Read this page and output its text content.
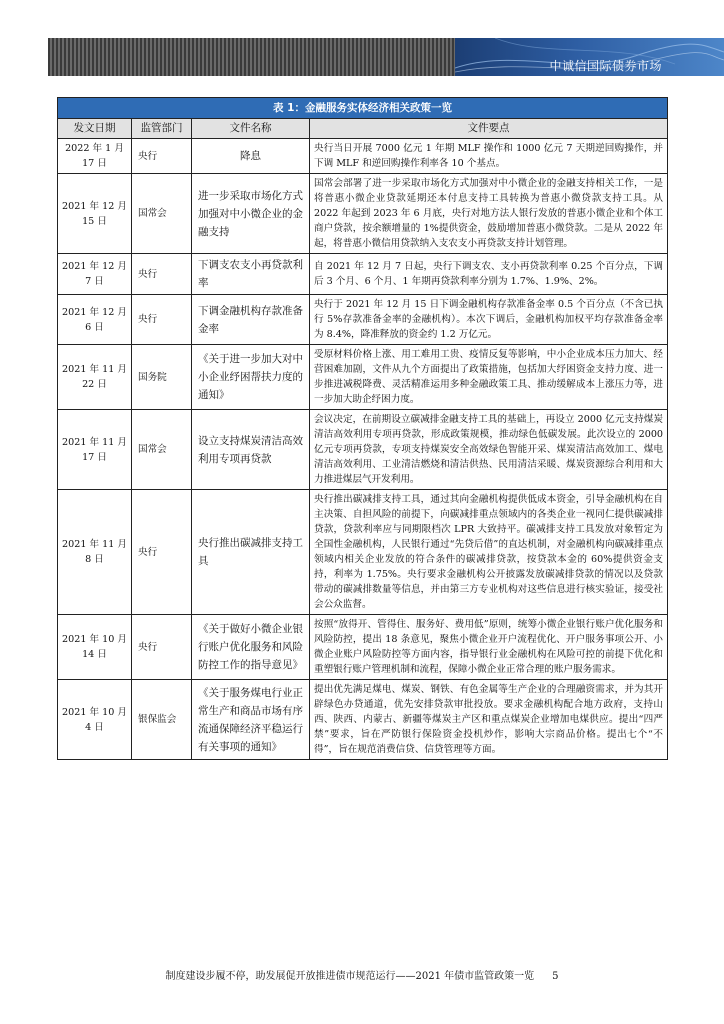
中诚信国际债券市场
表 1：金融服务实体经济相关政策一览			
发文日期	监管部门	文件名称	文件要点
2022 年 1 月 17 日	央行	降息	央行当日开展 7000 亿元 1 年期 MLF 操作和 1000 亿元 7 天期逆回购操作，并下调 MLF 和逆回购操作利率各 10 个基点。
2021 年 12 月 15 日	国常会	进一步采取市场化方式加强对中小微企业的金融支持	国常会部署了进一步采取市场化方式加强对中小微企业的金融支持相关工作，一是将普惠小微企业贷款延期还本付息支持工具转换为普惠小微贷款支持工具。从 2022 年起到 2023 年 6 月底，央行对地方法人银行发放的普惠小微企业和个体工商户贷款，按余额增量的 1%提供资金，鼓励增加普惠小微贷款。二是从 2022 年起，将普惠小微信用贷款纳入支农支小再贷款支持计划管理。
2021 年 12 月 7 日	央行	下调支农支小再贷款利率	自 2021 年 12 月 7 日起，央行下调支农、支小再贷款利率 0.25 个百分点，下调后 3 个月、6 个月、1 年期再贷款利率分别为 1.7%、1.9%、2%。
2021 年 12 月 6 日	央行	下调金融机构存款准备金率	央行于 2021 年 12 月 15 日下调金融机构存款准备金率 0.5 个百分点（不含已执行 5%存款准备金率的金融机构）。本次下调后，金融机构加权平均存款准备金率为 8.4%，降准释放的资金约 1.2 万亿元。
2021 年 11 月 22 日	国务院	《关于进一步加大对中小企业纾困帮扶力度的通知》	受原材料价格上涨、用工难用工贵、疫情反复等影响，中小企业成本压力加大、经营困难加剧，文件从九个方面提出了政策措施，包括加大纾困资金支持力度、进一步推进减税降费、灵活精准运用多种金融政策工具、推动缓解成本上涨压力等，进一步加大助企纾困力度。
2021 年 11 月 17 日	国常会	设立支持煤炭清洁高效利用专项再贷款	会议决定，在前期设立碳减排金融支持工具的基础上，再设立 2000 亿元支持煤炭清洁高效利用专项再贷款，形成政策规模，推动绿色低碳发展。此次设立的 2000 亿元专项再贷款，专项支持煤炭安全高效绿色智能开采、煤炭清洁高效加工、煤电清洁高效利用、工业清洁燃烧和清洁供热、民用清洁采暖、煤炭资源综合利用和大力推进煤层气开发利用。
2021 年 11 月 8 日	央行	央行推出碳减排支持工具	央行推出碳减排支持工具，通过其向金融机构提供低成本资金，引导金融机构在自主决策、自担风险的前提下，向碳减排重点领域内的各类企业一视同仁提供碳减排贷款，贷款利率应与同期限档次 LPR 大致持平。碳减排支持工具发放对象暂定为全国性金融机构，人民银行通过“先贷后借”的直达机制，对金融机构向碳减排重点领域内相关企业发放的符合条件的碳减排贷款，按贷款本金的 60%提供资金支持，利率为 1.75%。央行要求金融机构公开披露发放碳减排贷款的情况以及贷款带动的碳减排数量等信息，并由第三方专业机构对这些信息进行核实验证，接受社会公众监督。
2021 年 10 月 14 日	央行	《关于做好小微企业银行账户优化服务和风险防控工作的指导意见》	按照“放得开、管得住、服务好、费用低”原则，统筹小微企业银行账户优化服务和风险防控，提出 18 条意见，聚焦小微企业开户流程优化、开户服务事项公开、小微企业账户风险防控等方面内容，指导银行业金融机构在风险可控的前提下优化和重塑银行账户管理机制和流程，保障小微企业正常合理的账户服务需求。
2021 年 10 月 4 日	银保监会	《关于服务煤电行业正常生产和商品市场有序流通保障经济平稳运行有关事项的通知》	提出优先满足煤电、煤炭、钢铁、有色金属等生产企业的合理融资需求，并为其开辟绿色办贷通道，优先安排贷款审批投放。要求金融机构配合地方政府，支持山西、陕西、内蒙古、新疆等煤炭主产区和重点煤炭企业增加电煤供应。提出“四严禁”要求，旨在严防银行保险资金投机炒作，影响大宗商品价格。提出七个“不得”，旨在规范消费信贷、信贷管理等方面。
制度建设步履不停，助发展促开放推进债市规范运行——2021 年债市监管政策一览 5
